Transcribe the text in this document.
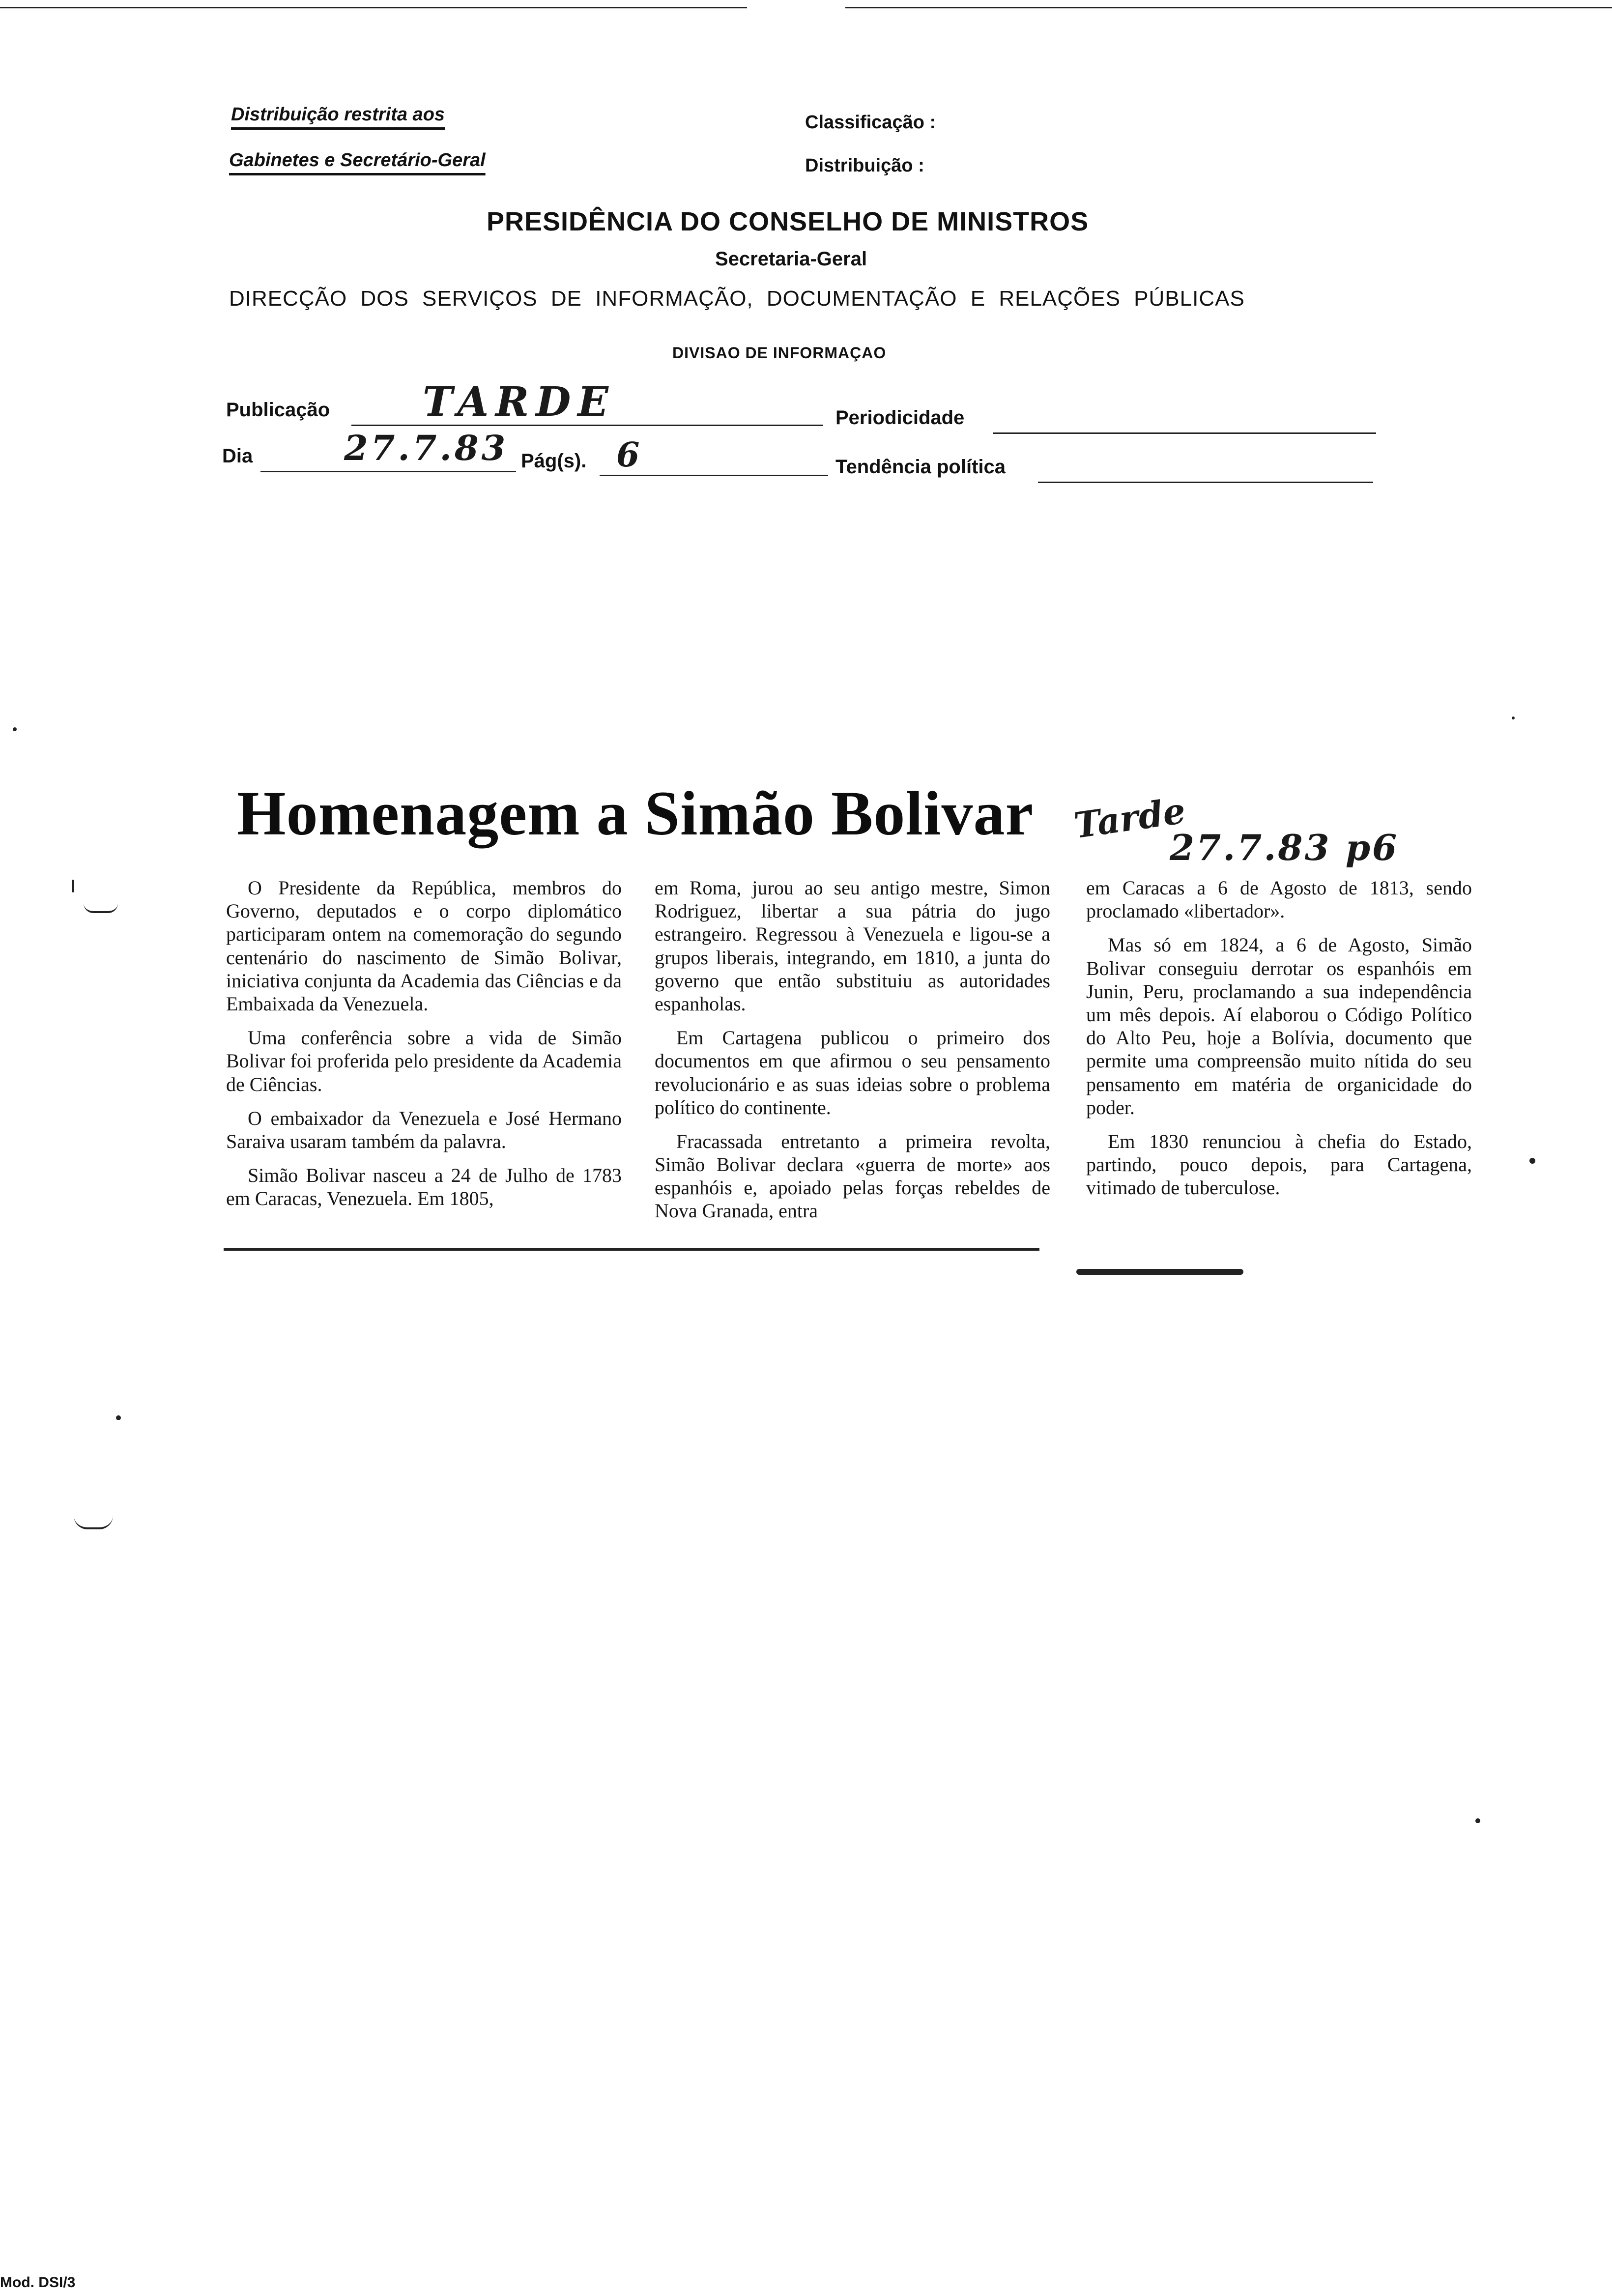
Distribuição restrita aos
Gabinetes e Secretário-Geral
Classificação :
Distribuição :
PRESIDÊNCIA DO CONSELHO DE MINISTROS
Secretaria-Geral
DIRECÇÃO DOS SERVIÇOS DE INFORMAÇÃO, DOCUMENTAÇÃO E RELAÇÕES PÚBLICAS
DIVISAO DE INFORMAÇAO
Publicação TARDE	Periodicidade
Dia	27.7.83 Pág(s). 6	Tendência política
Homenagem a Simão Bolivar Tarde
27.7.83 p6

O Presidente da República, membros do Governo, deputados e o corpo diplomático participaram ontem na comemoração do segundo centenário do nascimento de Simão Bolivar, iniciativa conjunta da Academia das Ciências e da Embaixada da Venezuela.

Uma conferência sobre a vida de Simão Bolivar foi proferida pelo presidente da Academia de Ciências.

O embaixador da Venezuela e José Hermano Saraiva usaram também da palavra.

Simão Bolivar nasceu a 24 de Julho de 1783 em Caracas, Venezuela. Em 1805,

em Roma, jurou ao seu antigo mestre, Simon Rodriguez, libertar a sua pátria do jugo estrangeiro. Regressou à Venezuela e ligou-se a grupos liberais, integrando, em 1810, a junta do governo que então substituiu as autoridades espanholas.

Em Cartagena publicou o primeiro dos documentos em que afirmou o seu pensamento revolucionário e as suas ideias sobre o problema político do continente.

Fracassada entretanto a primeira revolta, Simão Bolivar declara «guerra de morte» aos espanhóis e, apoiado pelas forças rebeldes de Nova Granada, entra

em Caracas a 6 de Agosto de 1813, sendo proclamado «libertador».

Mas só em 1824, a 6 de Agosto, Simão Bolivar conseguiu derrotar os espanhóis em Junin, Peru, proclamando a sua independência um mês depois. Aí elaborou o Código Político do Alto Peu, hoje a Bolívia, documento que permite uma compreensão muito nítida do seu pensamento em matéria de organicidade do poder.

Em 1830 renunciou à chefia do Estado, partindo, pouco depois, para Cartagena, vitimado de tuberculose.

Mod. DSI/3
